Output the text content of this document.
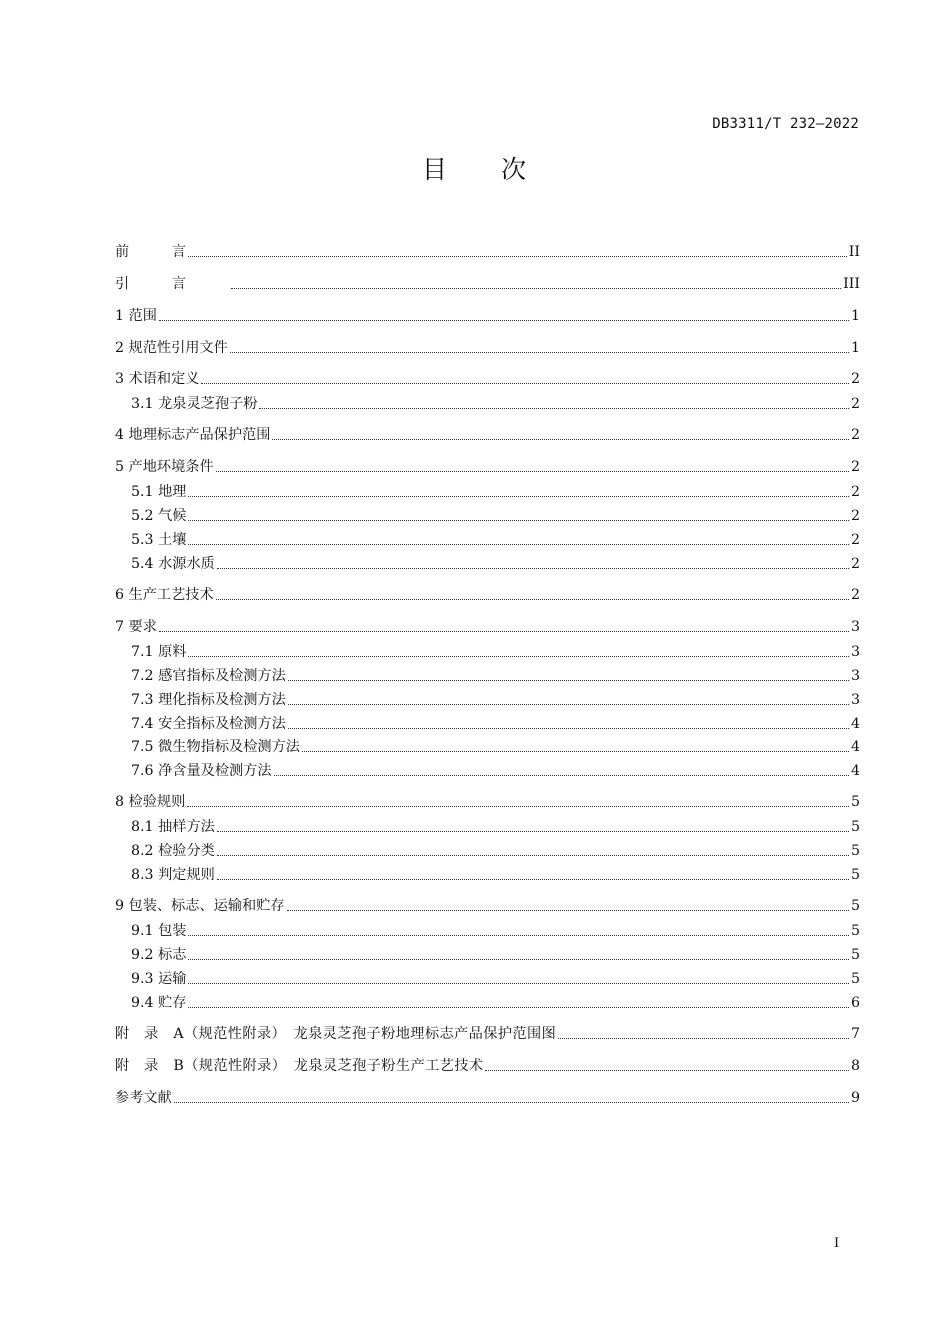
DB3311/T 232—2022
目 次
前　　　言	II
引　　　言　　　	III
1 范围	1
2 规范性引用文件	1
3 术语和定义	2
3.1 龙泉灵芝孢子粉	2
4 地理标志产品保护范围	2
5 产地环境条件	2
5.1 地理	2
5.2 气候	2
5.3 土壤	2
5.4 水源水质	2
6 生产工艺技术	2
7 要求	3
7.1 原料	3
7.2 感官指标及检测方法	3
7.3 理化指标及检测方法	3
7.4 安全指标及检测方法	4
7.5 微生物指标及检测方法	4
7.6 净含量及检测方法	4
8 检验规则	5
8.1 抽样方法	5
8.2 检验分类	5
8.3 判定规则	5
9 包装、标志、运输和贮存	5
9.1 包装	5
9.2 标志	5
9.3 运输	5
9.4 贮存	6
附　录　A（规范性附录）　龙泉灵芝孢子粉地理标志产品保护范围图	7
附　录　B（规范性附录）　龙泉灵芝孢子粉生产工艺技术	8
参考文献	9
I
